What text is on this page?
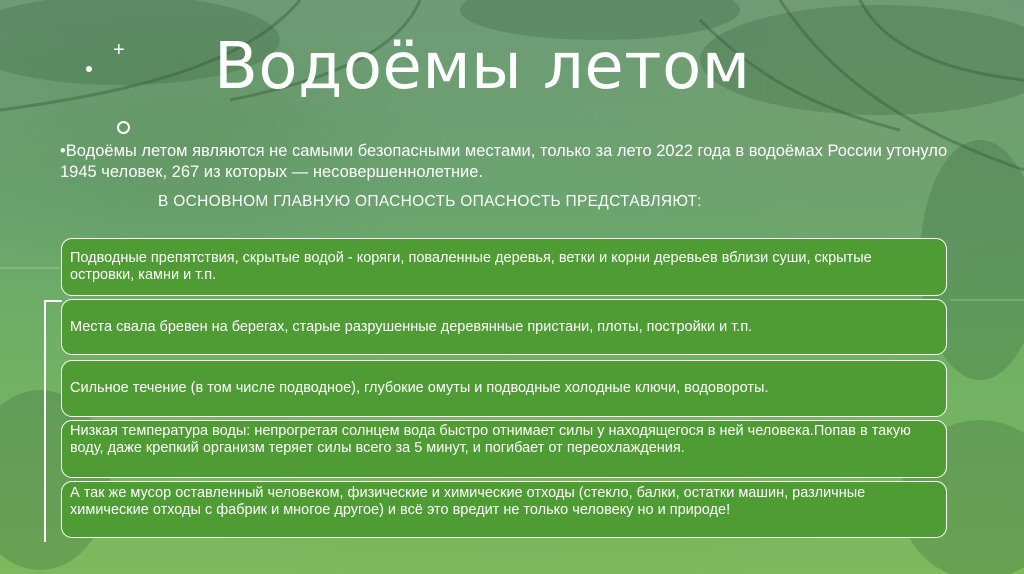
+ Водоёмы летом
•Водоёмы летом являются не самыми безопасными местами, только за лето 2022 года в водоёмах России утонуло 1945 человек, 267 из которых — несовершеннолетние.
В ОСНОВНОМ ГЛАВНУЮ ОПАСНОСТЬ ОПАСНОСТЬ ПРЕДСТАВЛЯЮТ:
Подводные препятствия, скрытые водой - коряги, поваленные деревья, ветки и корни деревьев вблизи суши, скрытые островки, камни и т.п.
Места свала бревен на берегах, старые разрушенные деревянные пристани, плоты, постройки и т.п.
Сильное течение (в том числе подводное), глубокие омуты и подводные холодные ключи, водовороты.
Низкая температура воды: непрогретая солнцем вода быстро отнимает силы у находящегося в ней человека.Попав в такую воду, даже крепкий организм теряет силы всего за 5 минут, и погибает от переохлаждения.
А так же мусор оставленный человеком, физические и химические отходы (стекло, балки, остатки машин, различные химические отходы с фабрик и многое другое) и всё это вредит не только человеку но и природе!
